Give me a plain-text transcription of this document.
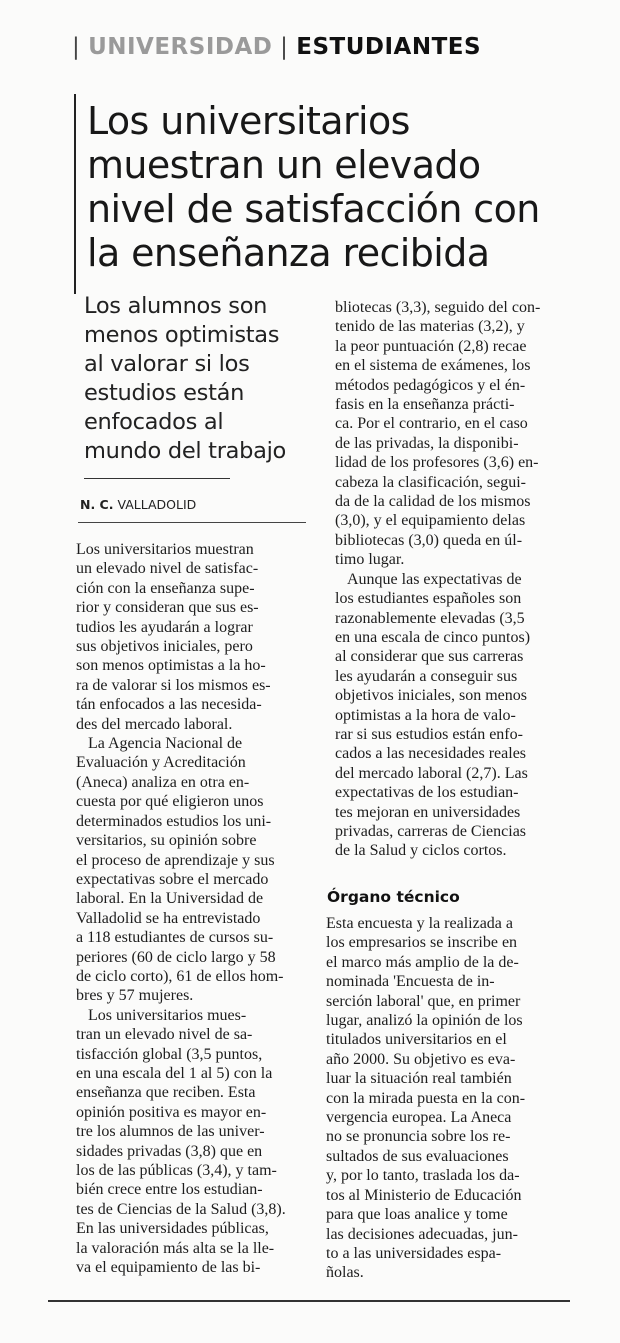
| UNIVERSIDAD | ESTUDIANTES
Los universitarios
muestran un elevado
nivel de satisfacción con
la enseñanza recibida
Los alumnos son
menos optimistas
al valorar si los
estudios están
enfocados al
mundo del trabajo
N. C. VALLADOLID
Los universitarios muestran
un elevado nivel de satisfac-
ción con la enseñanza supe-
rior y consideran que sus es-
tudios les ayudarán a lograr
sus objetivos iniciales, pero
son menos optimistas a la ho-
ra de valorar si los mismos es-
tán enfocados a las necesida-
des del mercado laboral.
La Agencia Nacional de
Evaluación y Acreditación
(Aneca) analiza en otra en-
cuesta por qué eligieron unos
determinados estudios los uni-
versitarios, su opinión sobre
el proceso de aprendizaje y sus
expectativas sobre el mercado
laboral. En la Universidad de
Valladolid se ha entrevistado
a 118 estudiantes de cursos su-
periores (60 de ciclo largo y 58
de ciclo corto), 61 de ellos hom-
bres y 57 mujeres.
Los universitarios mues-
tran un elevado nivel de sa-
tisfacción global (3,5 puntos,
en una escala del 1 al 5) con la
enseñanza que reciben. Esta
opinión positiva es mayor en-
tre los alumnos de las univer-
sidades privadas (3,8) que en
los de las públicas (3,4), y tam-
bién crece entre los estudian-
tes de Ciencias de la Salud (3,8).
En las universidades públicas,
la valoración más alta se la lle-
va el equipamiento de las bi-
bliotecas (3,3), seguido del con-
tenido de las materias (3,2), y
la peor puntuación (2,8) recae
en el sistema de exámenes, los
métodos pedagógicos y el én-
fasis en la enseñanza prácti-
ca. Por el contrario, en el caso
de las privadas, la disponibi-
lidad de los profesores (3,6) en-
cabeza la clasificación, segui-
da de la calidad de los mismos
(3,0), y el equipamiento delas
bibliotecas (3,0) queda en úl-
timo lugar.
Aunque las expectativas de
los estudiantes españoles son
razonablemente elevadas (3,5
en una escala de cinco puntos)
al considerar que sus carreras
les ayudarán a conseguir sus
objetivos iniciales, son menos
optimistas a la hora de valo-
rar si sus estudios están enfo-
cados a las necesidades reales
del mercado laboral (2,7). Las
expectativas de los estudian-
tes mejoran en universidades
privadas, carreras de Ciencias
de la Salud y ciclos cortos.
Órgano técnico
Esta encuesta y la realizada a
los empresarios se inscribe en
el marco más amplio de la de-
nominada 'Encuesta de in-
serción laboral' que, en primer
lugar, analizó la opinión de los
titulados universitarios en el
año 2000. Su objetivo es eva-
luar la situación real también
con la mirada puesta en la con-
vergencia europea. La Aneca
no se pronuncia sobre los re-
sultados de sus evaluaciones
y, por lo tanto, traslada los da-
tos al Ministerio de Educación
para que loas analice y tome
las decisiones adecuadas, jun-
to a las universidades espa-
ñolas.
